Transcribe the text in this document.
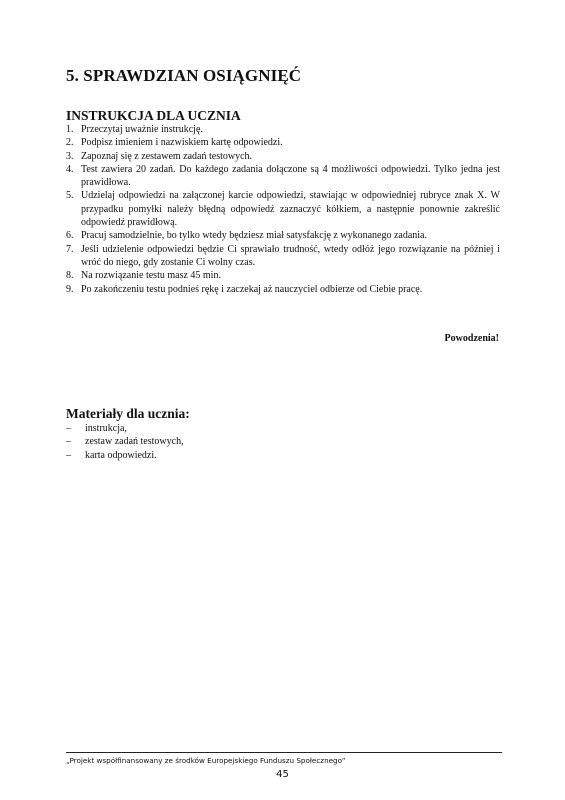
5. SPRAWDZIAN OSIĄGNIĘĆ
INSTRUKCJA DLA UCZNIA
1. Przeczytaj uważnie instrukcję.
2. Podpisz imieniem i nazwiskiem kartę odpowiedzi.
3. Zapoznaj się z zestawem zadań testowych.
4. Test zawiera 20 zadań. Do każdego zadania dołączone są 4 możliwości odpowiedzi. Tylko jedna jest prawidłowa.
5. Udzielaj odpowiedzi na załączonej karcie odpowiedzi, stawiając w odpowiedniej rubryce znak X. W przypadku pomyłki należy błędną odpowiedź zaznaczyć kółkiem, a następnie ponownie zakreślić odpowiedź prawidłową.
6. Pracuj samodzielnie, bo tylko wtedy będziesz miał satysfakcję z wykonanego zadania.
7. Jeśli udzielenie odpowiedzi będzie Ci sprawiało trudność, wtedy odłóż jego rozwiązanie na później i wróć do niego, gdy zostanie Ci wolny czas.
8. Na rozwiązanie testu masz 45 min.
9. Po zakończeniu testu podnieś rękę i zaczekaj aż nauczyciel odbierze od Ciebie pracę.
Powodzenia!
Materiały dla ucznia:
– instrukcja,
– zestaw zadań testowych,
– karta odpowiedzi.
„Projekt współfinansowany ze środków Europejskiego Funduszu Społecznego”
45
